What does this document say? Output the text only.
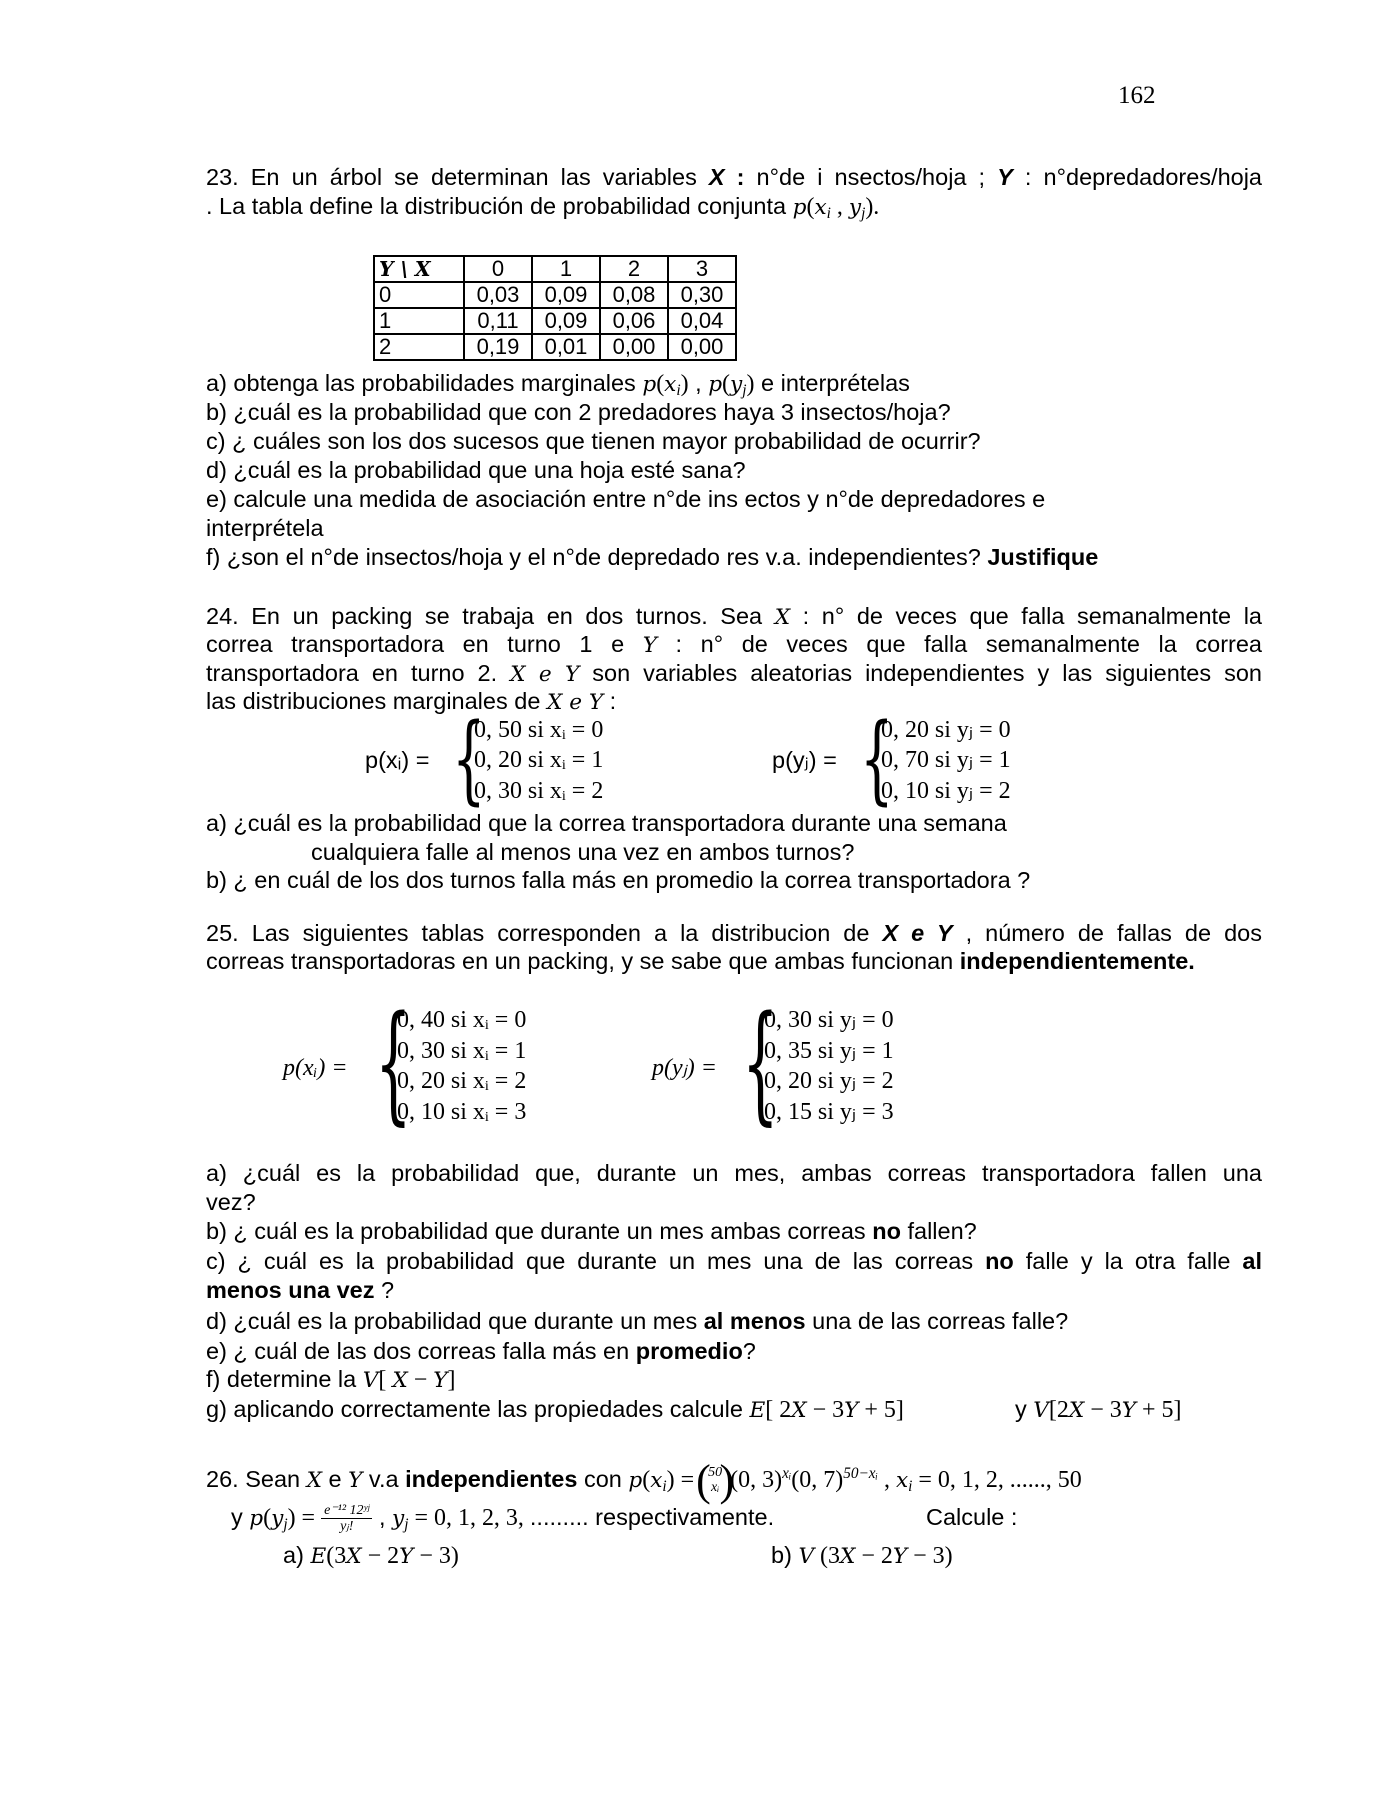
162
23. En un árbol se determinan las variables X : n°de i nsectos/hoja ; Y : n°depredadores/hoja
. La tabla define la distribución de probabilidad conjunta $p(x_i$ , $y_j$).
Y \ X	0	1	2	3
0	0,03	0,09	0,08	0,30
1	0,11	0,09	0,06	0,04
2	0,19	0,01	0,00	0,00
a) obtenga las probabilidades marginales $p(x_i)$ , $p(y_j)$ e interprételas
b) ¿cuál es la probabilidad que con 2 predadores haya 3 insectos/hoja?
c) ¿ cuáles son los dos sucesos que tienen mayor probabilidad de ocurrir?
d) ¿cuál es la probabilidad que una hoja esté sana?
e) calcule una medida de asociación entre n°de ins ectos y n°de depredadores e
interprétela
f) ¿son el n°de insectos/hoja y el n°de depredado res v.a. independientes? Justifique
24. En un packing se trabaja en dos turnos. Sea X : n° de veces que falla semanalmente la
correa transportadora en turno 1 e Y : n° de veces que falla semanalmente la correa
transportadora en turno 2. X e Y son variables aleatorias independientes y las siguientes son
las distribuciones marginales de X e Y :
p(xᵢ) = {
0, 50 si xᵢ = 0
0, 20 si xᵢ = 1
0, 30 si xᵢ = 2
p(yⱼ) = {
0, 20 si yⱼ = 0
0, 70 si yⱼ = 1
0, 10 si yⱼ = 2
a) ¿cuál es la probabilidad que la correa transportadora durante una semana
cualquiera falle al menos una vez en ambos turnos?
b) ¿ en cuál de los dos turnos falla más en promedio la correa transportadora ?
25. Las siguientes tablas corresponden a la distribucion de X e Y , número de fallas de dos
correas transportadoras en un packing, y se sabe que ambas funcionan independientemente.
p(xᵢ) = {
0, 40 si xᵢ = 0
0, 30 si xᵢ = 1
0, 20 si xᵢ = 2
0, 10 si xᵢ = 3
p(yⱼ) = {
0, 30 si yⱼ = 0
0, 35 si yⱼ = 1
0, 20 si yⱼ = 2
0, 15 si yⱼ = 3
a) ¿cuál es la probabilidad que, durante un mes, ambas correas transportadora fallen una
vez?
b) ¿ cuál es la probabilidad que durante un mes ambas correas no fallen?
c) ¿ cuál es la probabilidad que durante un mes una de las correas no falle y la otra falle al
menos una vez ?
d) ¿cuál es la probabilidad que durante un mes al menos una de las correas falle?
e) ¿ cuál de las dos correas falla más en promedio?
f) determine la V[ X − Y]
g) aplicando correctamente las propiedades calcule E[ 2X − 3Y + 5]	y V[2X − 3Y + 5]
26. Sean X e Y v.a independientes con $p(x_i)$ =
(
50
xᵢ )
(0, 3)$^{xᵢ}$(0, 7)$^{50-xᵢ}$ , $x_i = 0$, 1, 2, ......, 50
y $p(y_j) = \frac{\text{e⁻¹² 12ʸʲ}}{\text{yⱼ!}}$ , $y_j = 0$, 1, 2, 3, ......... respectivamente.	Calcule :
a) E(3X − 2Y − 3)	b) V (3X − 2Y − 3)
